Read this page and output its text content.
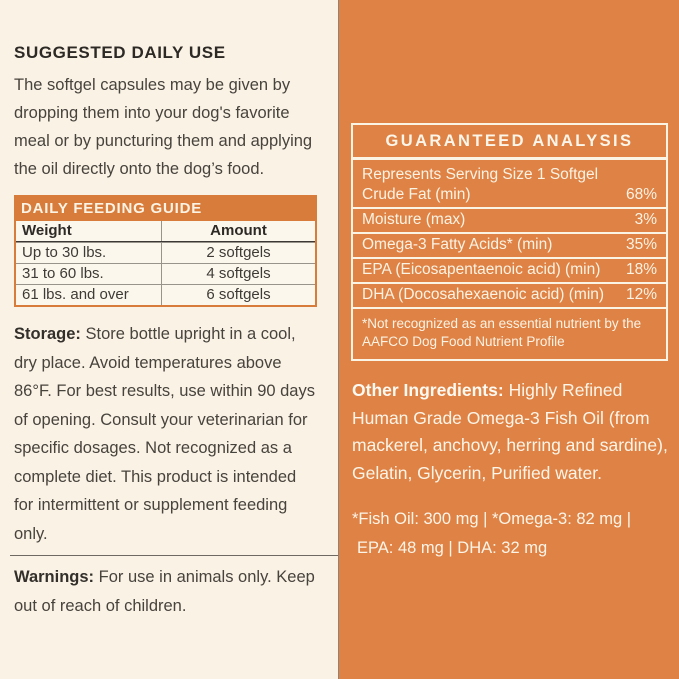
SUGGESTED DAILY USE

The softgel capsules may be given by dropping them into your dog's favorite meal or by puncturing them and applying the oil directly onto the dog’s food.

DAILY FEEDING GUIDE
Weight	Amount
Up to 30 lbs.	2 softgels
31 to 60 lbs.	4 softgels
61 lbs. and over	6 softgels

Storage: Store bottle upright in a cool, dry place. Avoid temperatures above 86°F. For best results, use within 90 days of opening. Consult your veterinarian for specific dosages. Not recognized as a complete diet. This product is intended for intermittent or supplement feeding only.

Warnings: For use in animals only. Keep out of reach of children.

GUARANTEED ANALYSIS
Represents Serving Size 1 Softgel
Crude Fat (min)	68%
Moisture (max)	3%
Omega-3 Fatty Acids* (min)	35%
EPA (Eicosapentaenoic acid) (min) 18%
DHA (Docosahexaenoic acid) (min) 12%
*Not recognized as an essential nutrient by the AAFCO Dog Food Nutrient Profile

Other Ingredients: Highly Refined Human Grade Omega-3 Fish Oil (from mackerel, anchovy, herring and sardine), Gelatin, Glycerin, Purified water.

*Fish Oil: 300 mg | *Omega-3: 82 mg |
EPA: 48 mg | DHA: 32 mg
